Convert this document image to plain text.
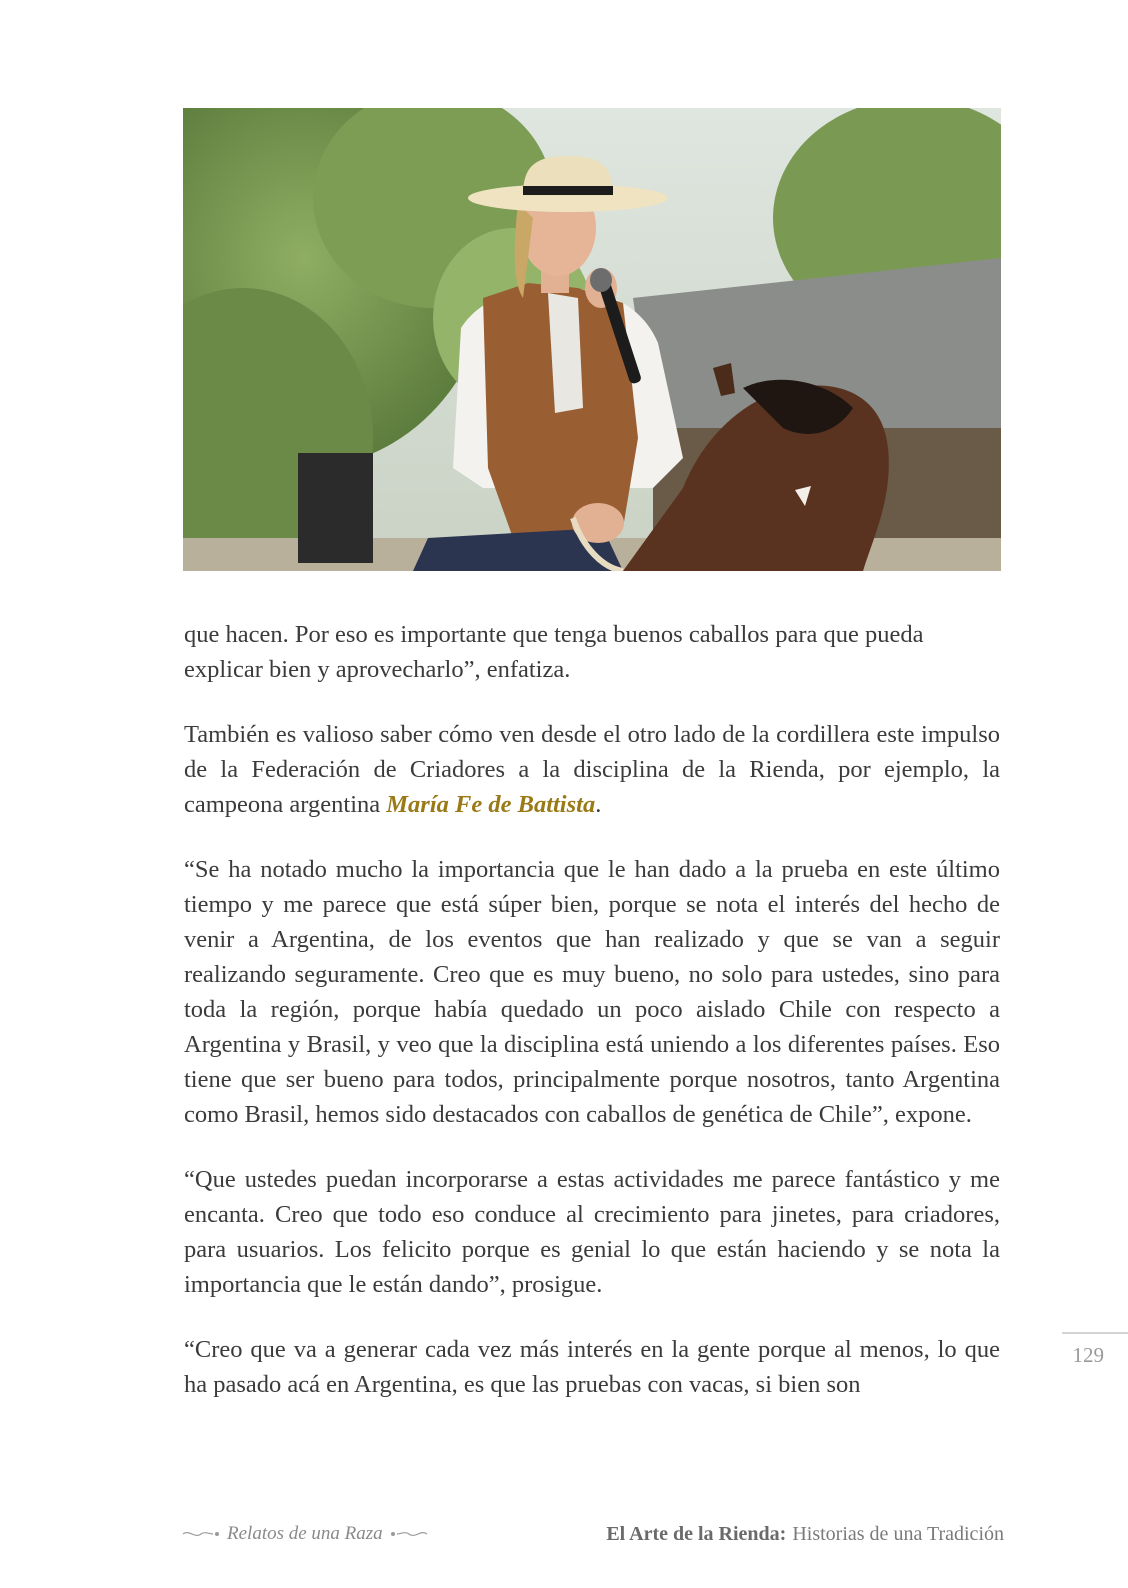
que hacen. Por eso es importante que tenga buenos caballos para que pueda explicar bien y aprovecharlo”, enfatiza.

También es valioso saber cómo ven desde el otro lado de la cordillera este impulso de la Federación de Criadores a la disciplina de la Rienda, por ejemplo, la campeona argentina María Fe de Battista.

“Se ha notado mucho la importancia que le han dado a la prueba en este último tiempo y me parece que está súper bien, porque se nota el interés del hecho de venir a Argentina, de los eventos que han realizado y que se van a seguir realizando seguramente. Creo que es muy bueno, no solo para ustedes, sino para toda la región, porque había quedado un poco aislado Chile con respecto a Argentina y Brasil, y veo que la disciplina está uniendo a los diferentes países. Eso tiene que ser bueno para todos, principalmente porque nosotros, tanto Argentina como Brasil, hemos sido destacados con caballos de genética de Chile”, expone.

“Que ustedes puedan incorporarse a estas actividades me parece fantástico y me encanta. Creo que todo eso conduce al crecimiento para jinetes, para criadores, para usuarios. Los felicito porque es genial lo que están haciendo y se nota la importancia que le están dando”, prosigue.

“Creo que va a generar cada vez más interés en la gente porque al menos, lo que ha pasado acá en Argentina, es que las pruebas con vacas, si bien son

129
Relatos de una Raza	El Arte de la Rienda: Historias de una Tradición
